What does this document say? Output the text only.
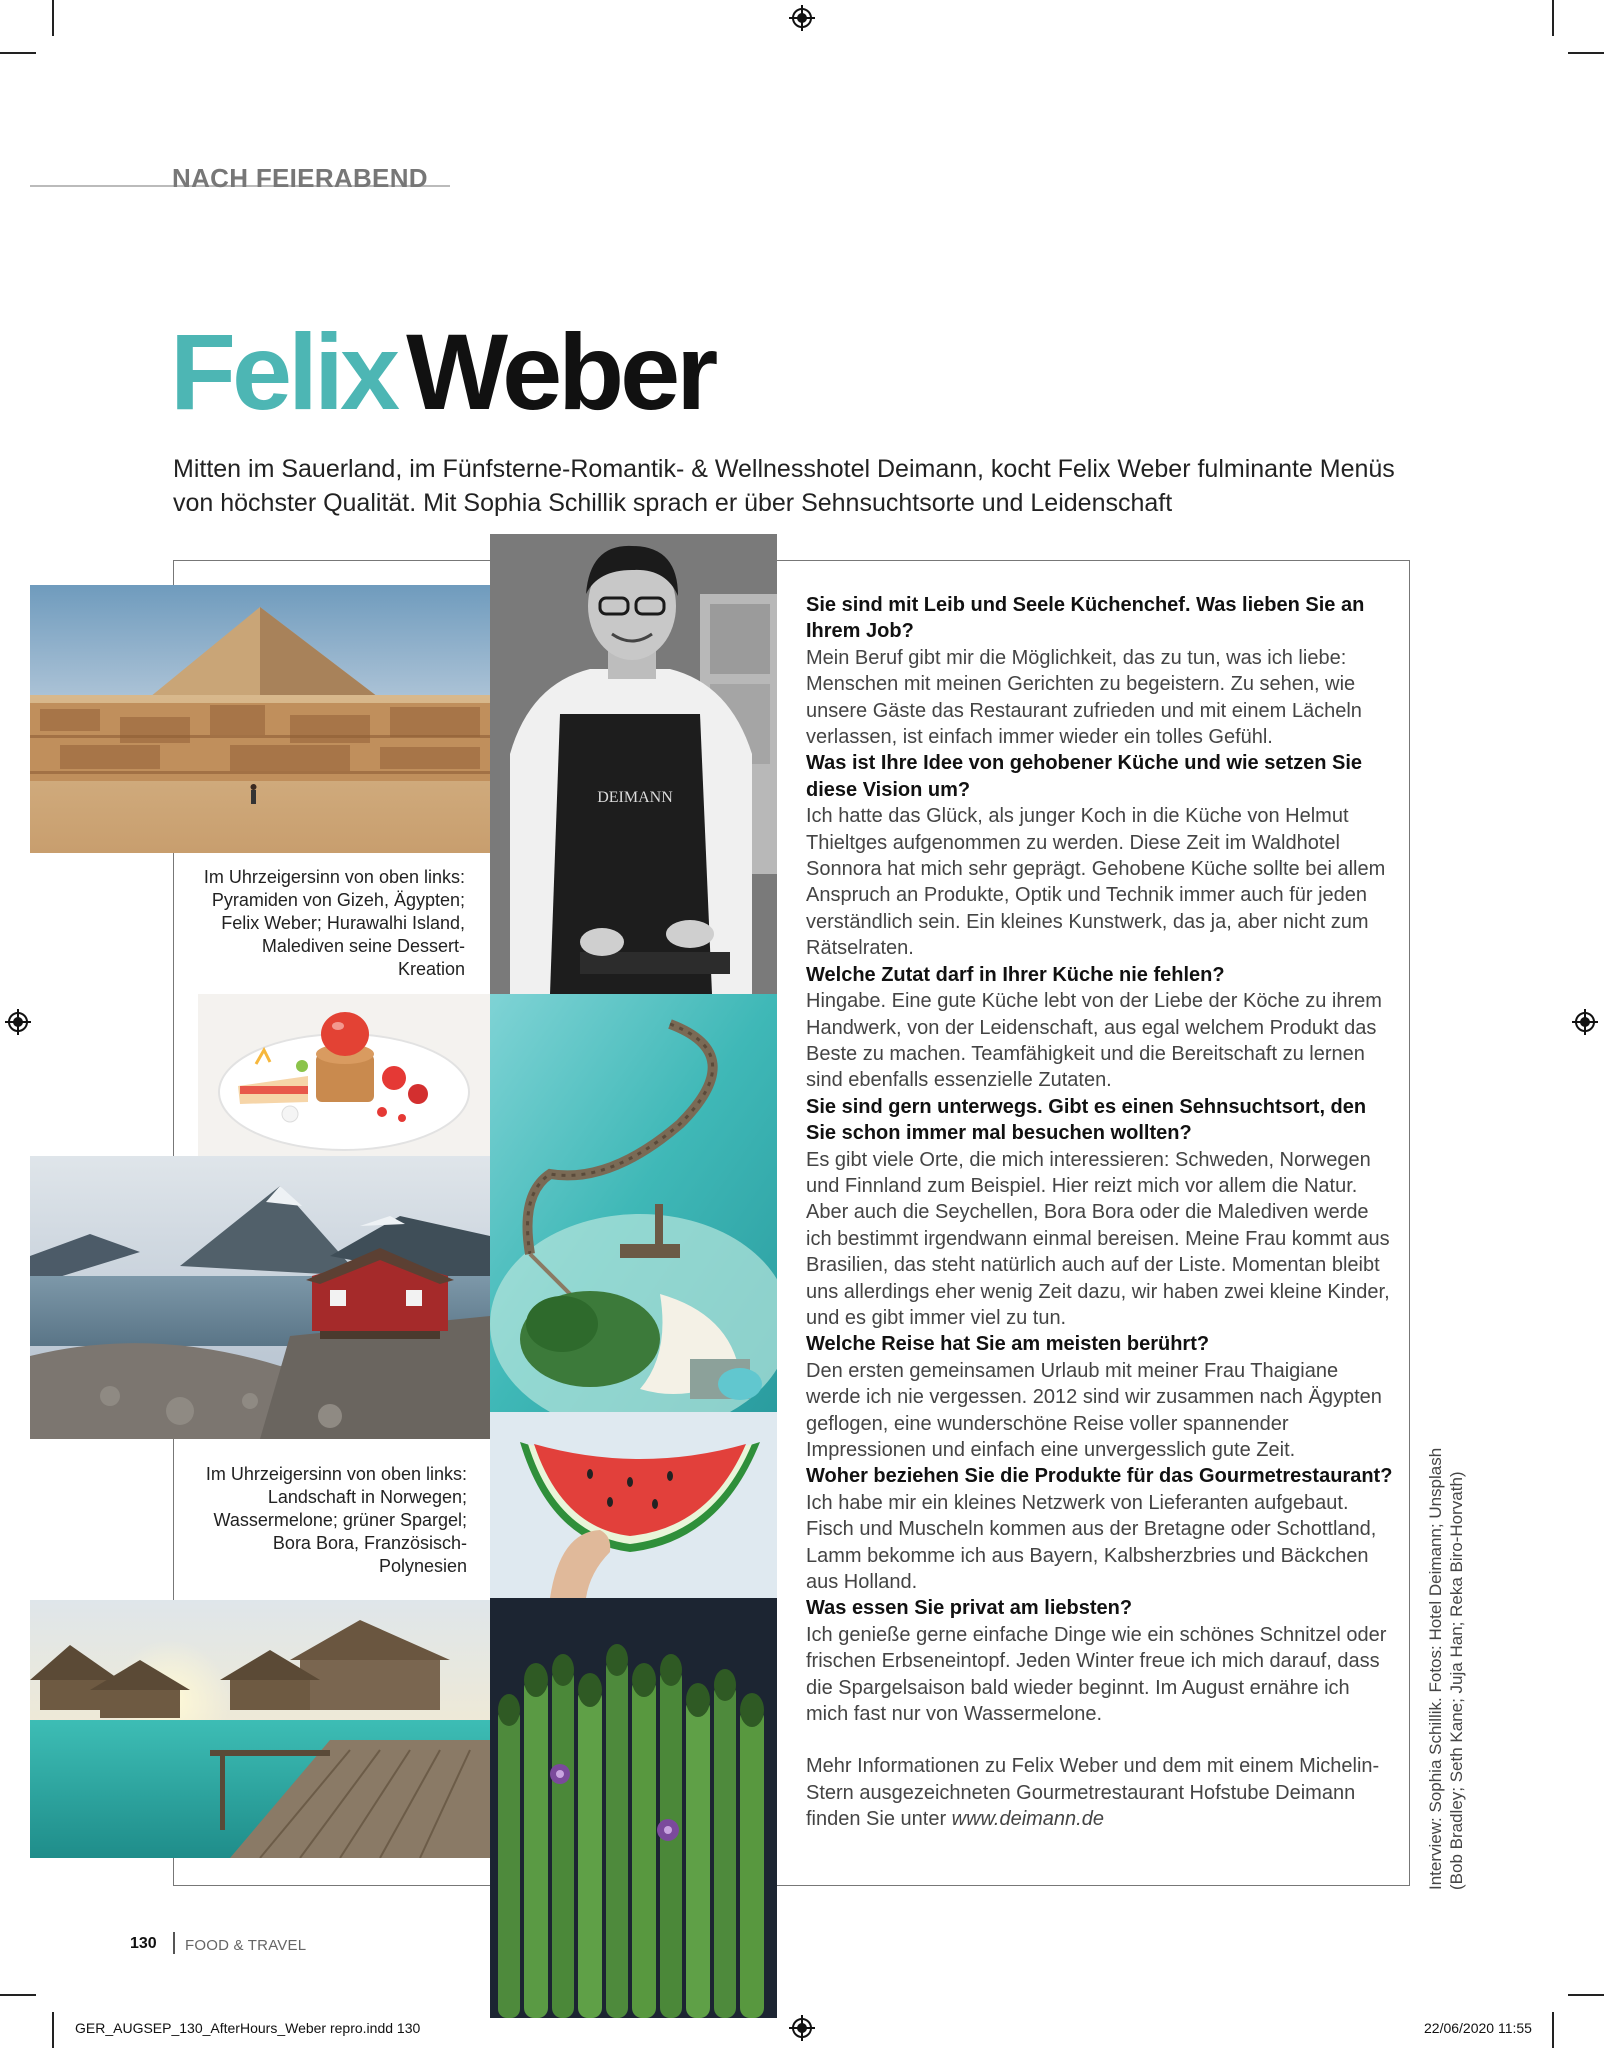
NACH FEIERABEND
FelixWeber
Mitten im Sauerland, im Fünfsterne-Romantik- & Wellnesshotel Deimann, kocht Felix Weber fulminante Menüs von höchster Qualität. Mit Sophia Schillik sprach er über Sehnsuchtsorte und Leidenschaft
DEIMANN
Im Uhrzeigersinn von oben links: Pyramiden von Gizeh, Ägypten; Felix Weber; Hurawalhi Island, Malediven seine Dessert-Kreation
Im Uhrzeigersinn von oben links: Landschaft in Norwegen; Wassermelone; grüner Spargel; Bora Bora, Französisch-Polynesien

Sie sind mit Leib und Seele Küchenchef. Was lieben Sie an Ihrem Job?

Mein Beruf gibt mir die Möglichkeit, das zu tun, was ich liebe: Menschen mit meinen Gerichten zu begeistern. Zu sehen, wie unsere Gäste das Restaurant zufrieden und mit einem Lächeln verlassen, ist einfach immer wieder ein tolles Gefühl.

Was ist Ihre Idee von gehobener Küche und wie setzen Sie diese Vision um?

Ich hatte das Glück, als junger Koch in die Küche von Helmut Thieltges aufgenommen zu werden. Diese Zeit im Waldhotel Sonnora hat mich sehr geprägt. Gehobene Küche sollte bei allem Anspruch an Produkte, Optik und Technik immer auch für jeden verständlich sein. Ein kleines Kunstwerk, das ja, aber nicht zum Rätselraten.

Welche Zutat darf in Ihrer Küche nie fehlen?

Hingabe. Eine gute Küche lebt von der Liebe der Köche zu ihrem Handwerk, von der Leidenschaft, aus egal welchem Produkt das Beste zu machen. Teamfähigkeit und die Bereitschaft zu lernen sind ebenfalls essenzielle Zutaten.

Sie sind gern unterwegs. Gibt es einen Sehnsuchtsort, den Sie schon immer mal besuchen wollten?

Es gibt viele Orte, die mich interessieren: Schweden, Norwegen und Finnland zum Beispiel. Hier reizt mich vor allem die Natur. Aber auch die Seychellen, Bora Bora oder die Malediven werde ich bestimmt irgendwann einmal bereisen. Meine Frau kommt aus Brasilien, das steht natürlich auch auf der Liste. Momentan bleibt uns allerdings eher wenig Zeit dazu, wir haben zwei kleine Kinder, und es gibt immer viel zu tun.

Welche Reise hat Sie am meisten berührt?

Den ersten gemeinsamen Urlaub mit meiner Frau Thaigiane werde ich nie vergessen. 2012 sind wir zusammen nach Ägypten geflogen, eine wunderschöne Reise voller spannender Impressionen und einfach eine unvergesslich gute Zeit.

Woher beziehen Sie die Produkte für das Gourmetrestaurant?

Ich habe mir ein kleines Netzwerk von Lieferanten aufgebaut. Fisch und Muscheln kommen aus der Bretagne oder Schottland, Lamm bekomme ich aus Bayern, Kalbsherzbries und Bäckchen aus Holland.

Was essen Sie privat am liebsten?

Ich genieße gerne einfache Dinge wie ein schönes Schnitzel oder frischen Erbseneintopf. Jeden Winter freue ich mich darauf, dass die Spargelsaison bald wieder beginnt. Im August ernähre ich mich fast nur von Wassermelone.

Mehr Informationen zu Felix Weber und dem mit einem Michelin-Stern ausgezeichneten Gourmetrestaurant Hofstube Deimann finden Sie unter www.deimann.de	Interview: Sophia Schillik. Fotos: Hotel Deimann; Unsplash (Bob Bradley; Seth Kane; Juja Han; Reka Biro-Horvath)
130 FOOD & TRAVEL
GER_AUGSEP_130_AfterHours_Weber repro.indd 130	22/06/2020 11:55
